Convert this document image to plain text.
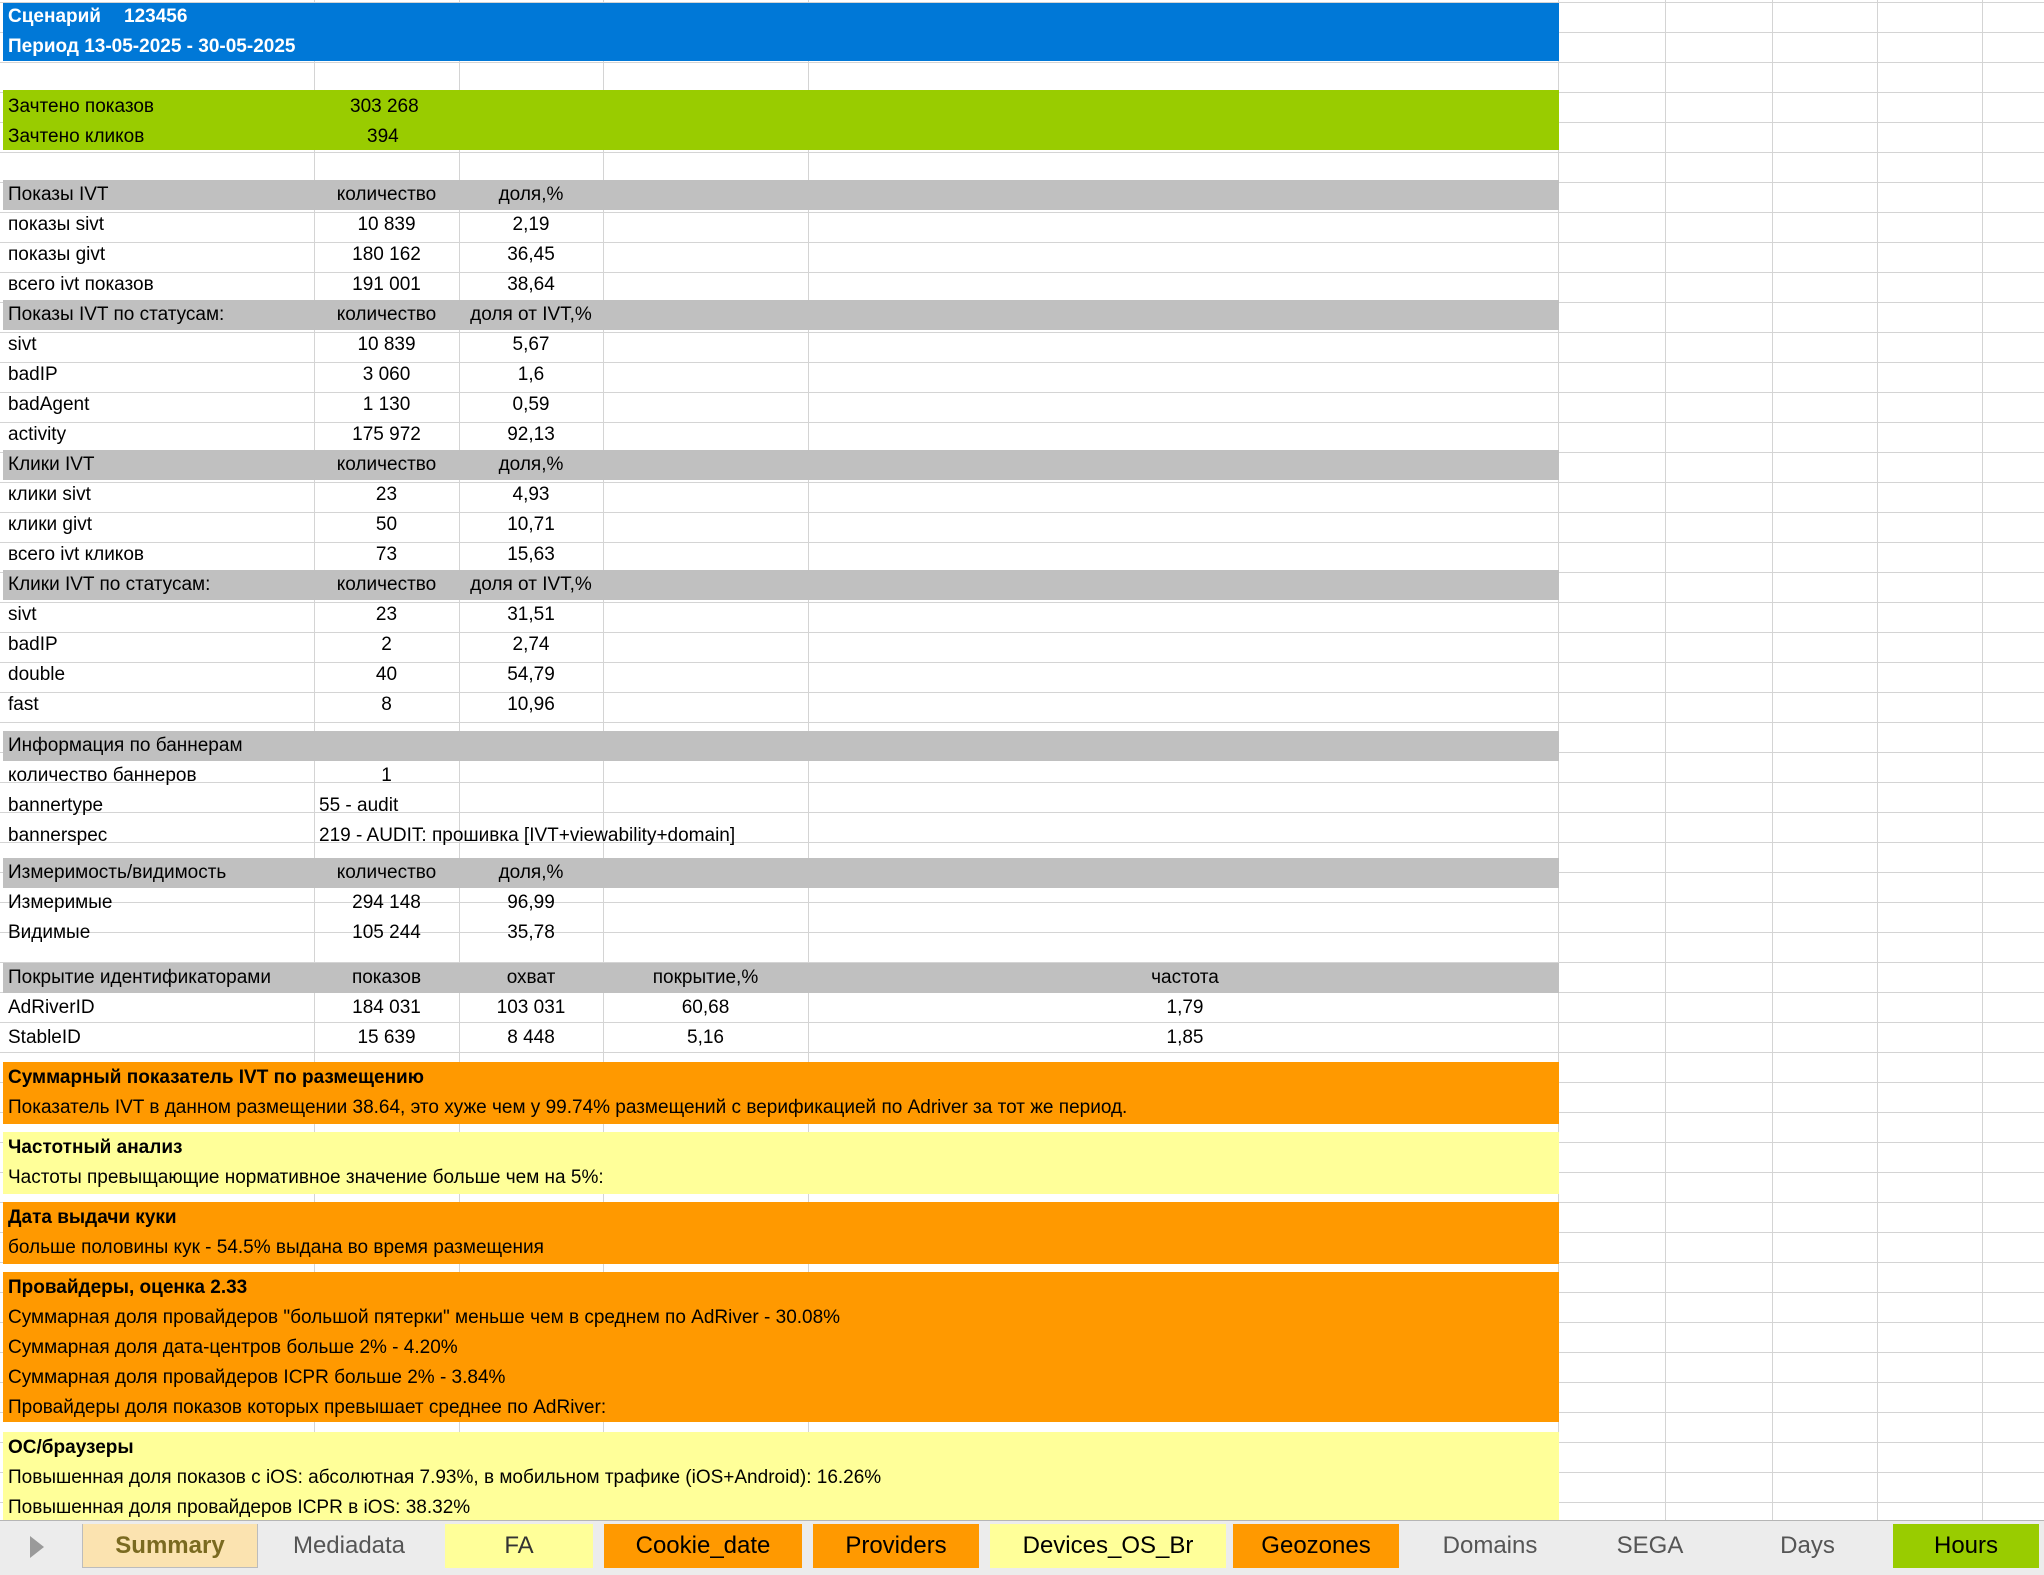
Сценарий 123456
Период 13-05-2025 - 30-05-2025
Зачтено показов	303 268
Зачтено кликов	394
Показы IVT	количество	доля,%
показы sivt	10 839	2,19
показы givt	180 162	36,45
всего ivt показов	191 001	38,64
Показы IVT по статусам:	количество	доля от IVT,%
sivt	10 839	5,67
badIP	3 060	1,6
badAgent	1 130	0,59
activity	175 972	92,13
Клики IVT	количество	доля,%
клики sivt	23	4,93
клики givt	50	10,71
всего ivt кликов	73	15,63
Клики IVT по статусам:	количество	доля от IVT,%
sivt	23	31,51
badIP	2	2,74
double	40	54,79
fast	8	10,96
Информация по баннерам
количество баннеров	1
bannertype	55 - audit
bannerspec	219 - AUDIT: прошивка [IVT+viewability+domain]
Измеримость/видимость	количество	доля,%
Измеримые	294 148	96,99
Видимые	105 244	35,78
Покрытие идентификаторами	показов	охват	покрытие,%	частота
AdRiverID	184 031	103 031	60,68	1,79
StableID	15 639	8 448	5,16	1,85
Суммарный показатель IVT по размещению
Показатель IVT в данном размещении 38.64, это хуже чем у 99.74% размещений с верификацией по Adriver за тот же период.
Частотный анализ
Частоты превыщающие нормативное значение больше чем на 5%:
Дата выдачи куки
больше половины кук - 54.5% выдана во время размещения
Провайдеры, оценка 2.33
Суммарная доля провайдеров "большой пятерки" меньше чем в среднем по AdRiver - 30.08%
Суммарная доля дата-центров больше 2% - 4.20%
Суммарная доля провайдеров ICPR больше 2% - 3.84%
Провайдеры доля показов которых превышает среднее по AdRiver:
ОС/браузеры
Повышенная доля показов с iOS: абсолютная 7.93%, в мобильном трафике (iOS+Android): 16.26%
Повышенная доля провайдеров ICPR в iOS: 38.32%
Summary	Mediadata	FA	Cookie_date	Providers	Devices_OS_Br	Geozones	Domains	SEGA	Days	Hours
